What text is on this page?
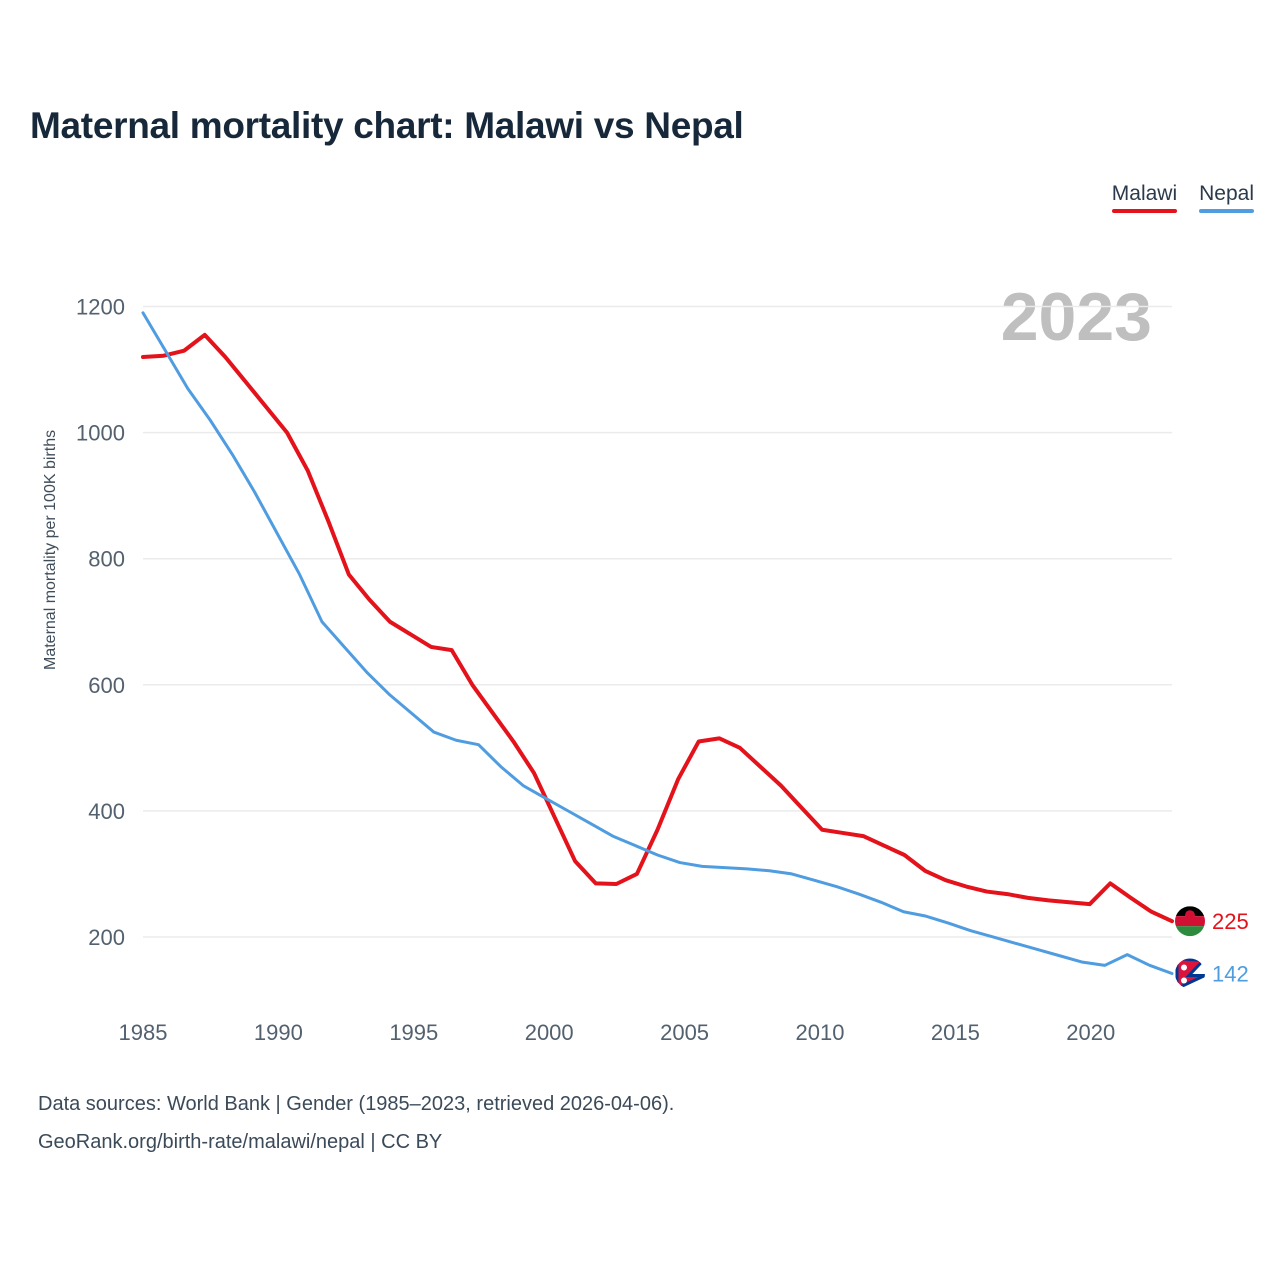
Maternal mortality chart: Malawi vs Nepal
Malawi Nepal
2023
Maternal mortality per 100K births
200
400
600
800
1000
1200
1985	1990	1995	2000	2005	2010	2015	2020
225
142
Data sources: World Bank | Gender (1985–2023, retrieved 2026-04-06).
GeoRank.org/birth-rate/malawi/nepal | CC BY
